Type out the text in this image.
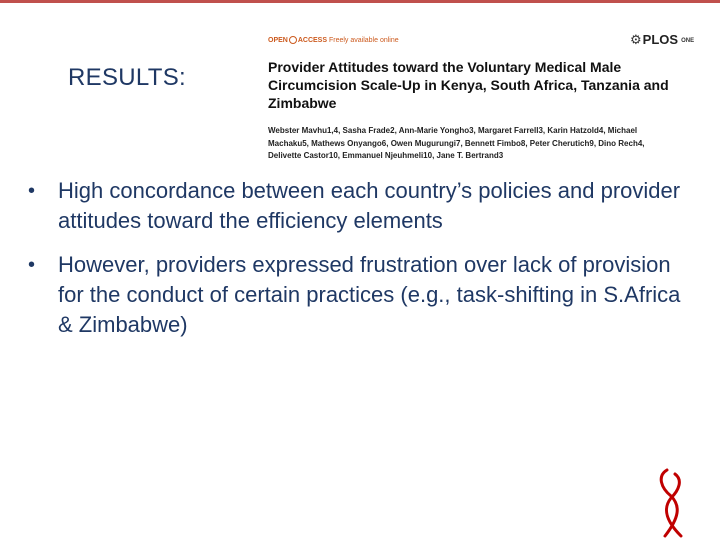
RESULTS:
OPEN ACCESS Freely available online	⚙PLOS ONE
Provider Attitudes toward the Voluntary Medical Male Circumcision Scale-Up in Kenya, South Africa, Tanzania and Zimbabwe
Webster Mavhu1,4, Sasha Frade2, Ann-Marie Yongho3, Margaret Farrell3, Karin Hatzold4, Michael Machaku5, Mathews Onyango6, Owen Mugurungi7, Bennett Fimbo8, Peter Cherutich9, Dino Rech4, Delivette Castor10, Emmanuel Njeuhmeli10, Jane T. Bertrand3
• High concordance between each country’s policies and provider attitudes toward the efficiency elements
• However, providers expressed frustration over lack of provision for the conduct of certain practices (e.g., task-shifting in S.Africa & Zimbabwe)
